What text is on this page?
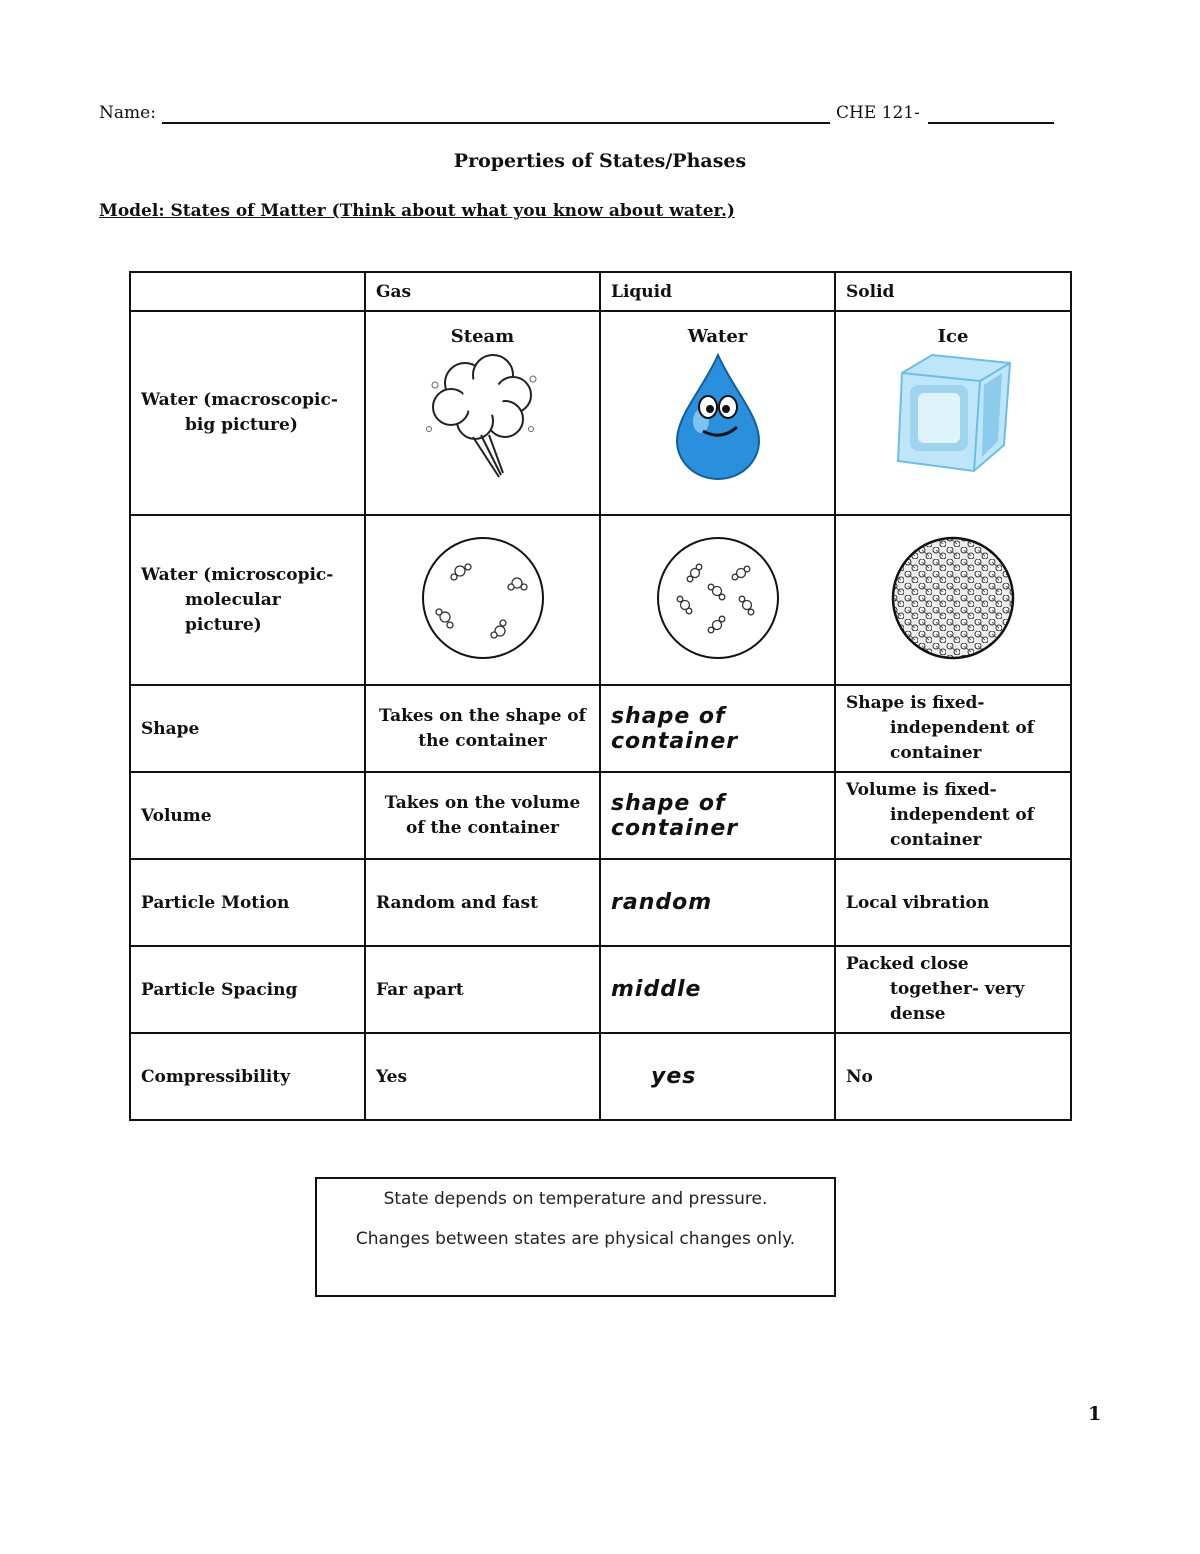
Name:	CHE 121-
Properties of States/Phases
Model: States of Matter (Think about what you know about water.)
	Gas	Liquid	Solid

Water (macroscopic-big picture)	Steam	Water	Ice

Water (microscopic-molecular picture)

Shape	Takes on the shape of the container	shape of container	Shape is fixed- independent of container

Volume	Takes on the volume of the container	shape of container	Volume is fixed- independent of container

Particle Motion	Random and fast	random	Local vibration
Particle Spacing	Far apart	middle	Packed close together- very dense

Compressibility	Yes	yes	No

State depends on temperature and pressure.

Changes between states are physical changes only.

1
